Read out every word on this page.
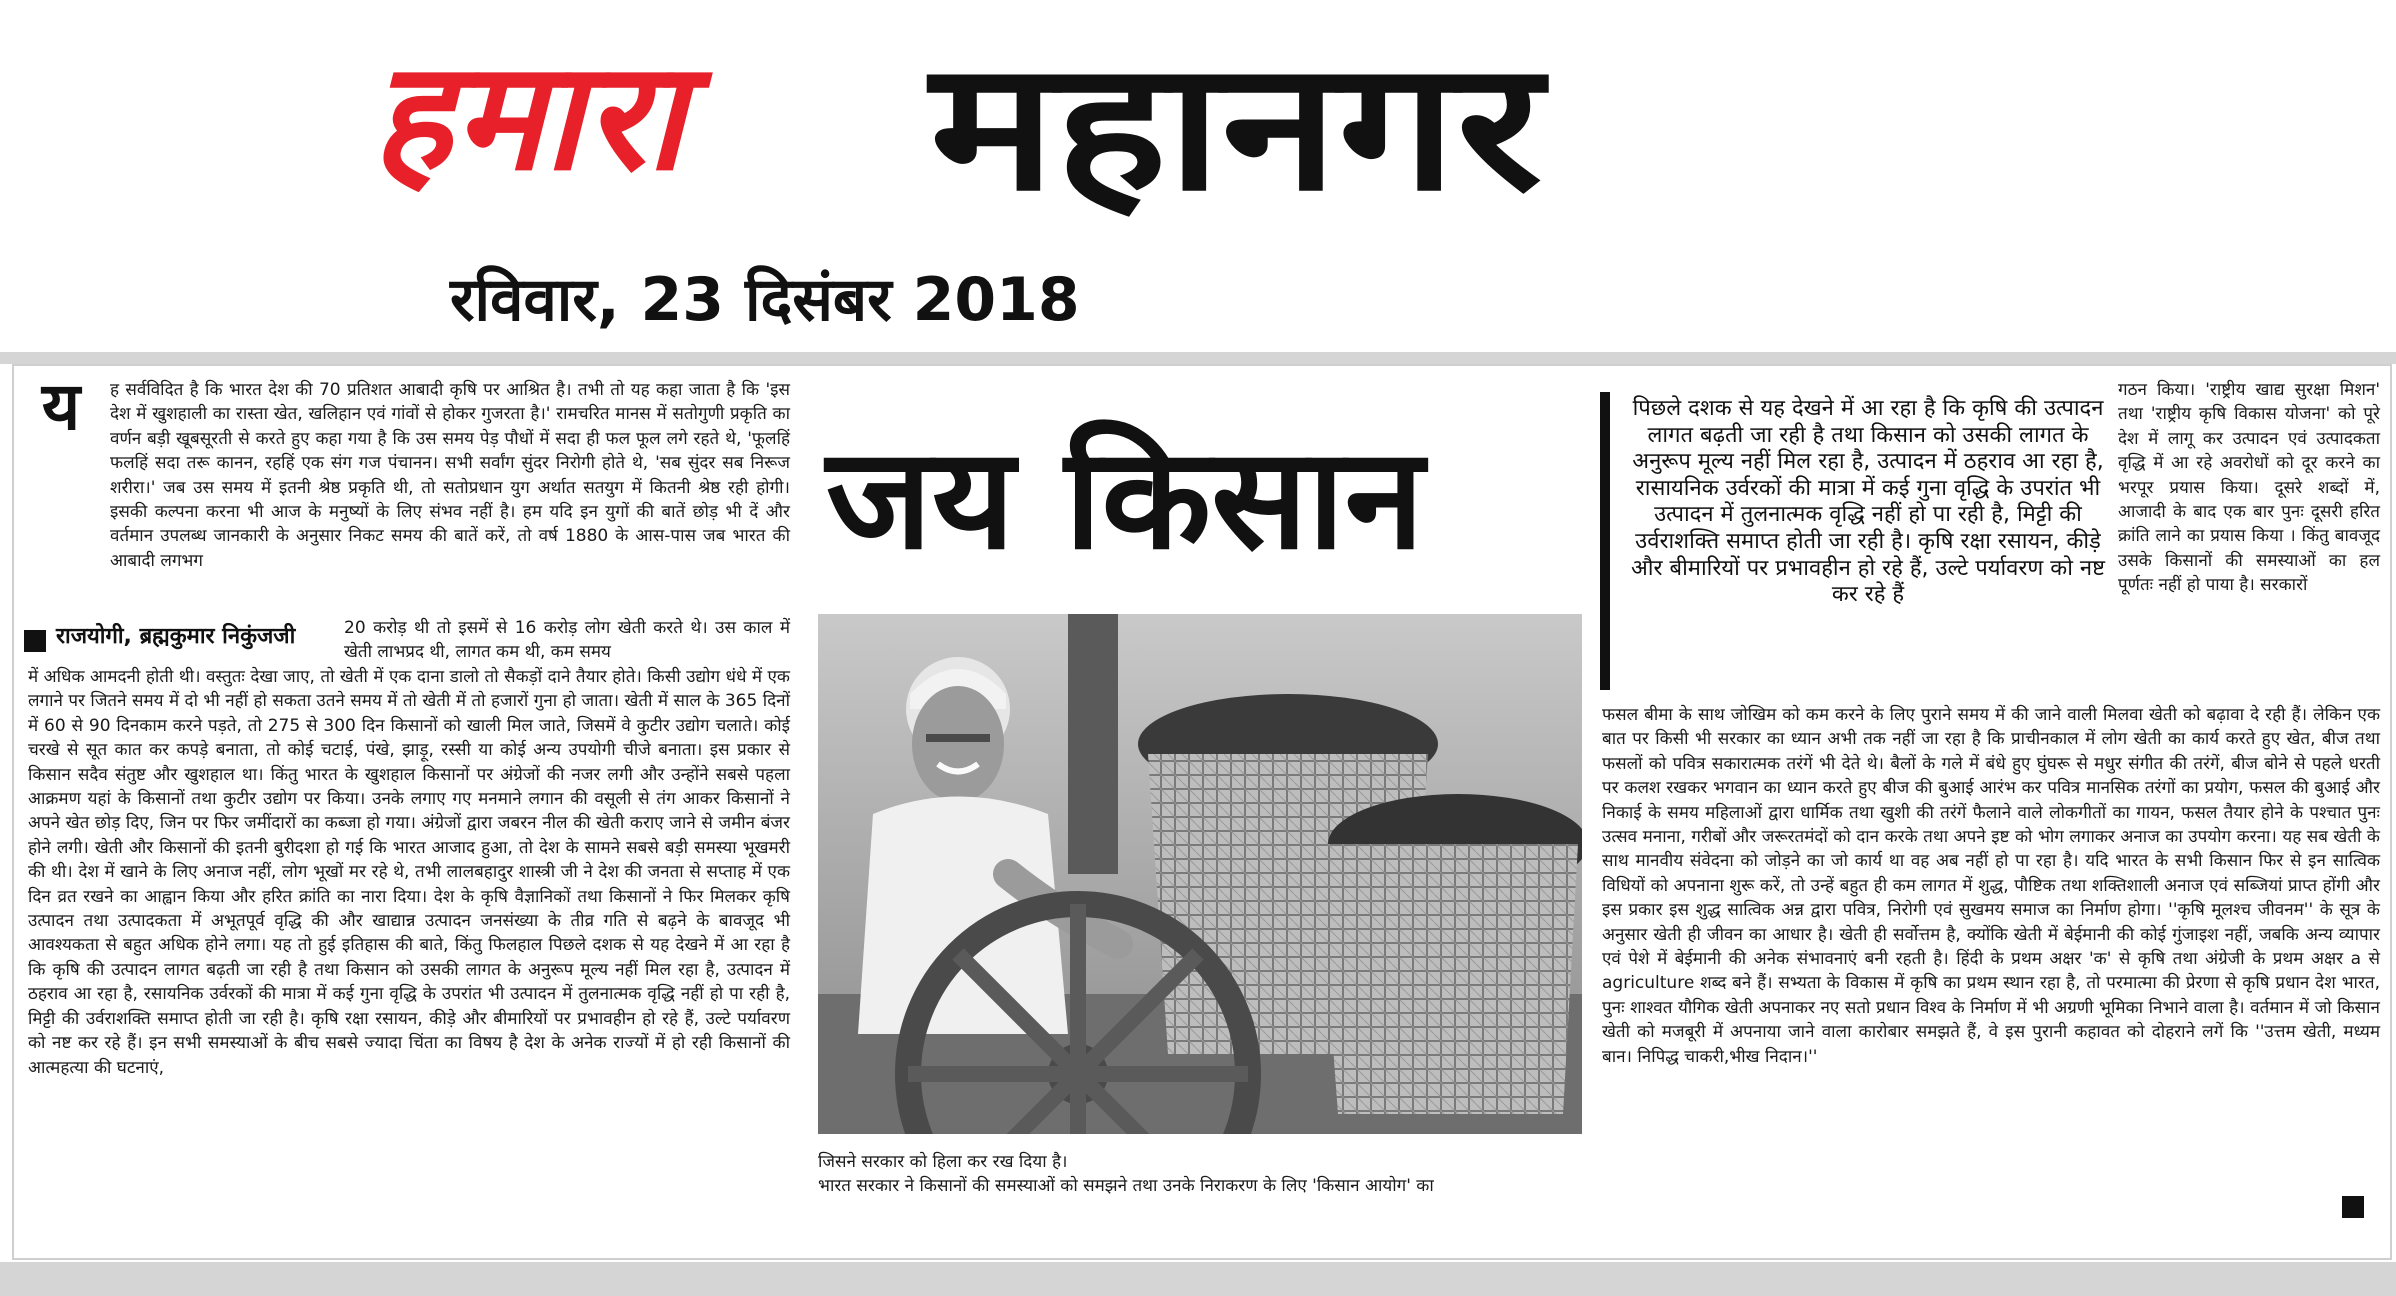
हमारा महानगर
रविवार, 23 दिसंबर 2018
य	ह सर्वविदित है कि भारत देश की 70 प्रतिशत आबादी कृषि पर आश्रित है। तभी तो यह कहा जाता है कि 'इस देश में खुशहाली का रास्ता खेत, खलिहान एवं गांवों से होकर गुजरता है।' रामचरित मानस में सतोगुणी प्रकृति का वर्णन बड़ी खूबसूरती से करते हुए कहा गया है कि उस समय पेड़ पौधों में सदा ही फल फूल लगे रहते थे, 'फूलहिं फलहिं सदा तरू कानन, रहहिं एक संग गज पंचानन। सभी सर्वांग सुंदर निरोगी होते थे, 'सब सुंदर सब निरूज शरीरा।' जब उस समय में इतनी श्रेष्ठ प्रकृति थी, तो सतोप्रधान युग अर्थात सतयुग में कितनी श्रेष्ठ रही होगी। इसकी कल्पना करना भी आज के मनुष्यों के लिए संभव नहीं है। हम यदि इन युगों की बातें छोड़ भी दें और वर्तमान उपलब्ध जानकारी के अनुसार निकट समय की बातें करें, तो वर्ष 1880 के आस-पास जब भारत की आबादी लगभग
राजयोगी, ब्रह्मकुमार निकुंजजी	20 करोड़ थी तो इसमें से 16 करोड़ लोग खेती करते थे। उस काल में खेती लाभप्रद थी, लागत कम थी, कम समय
में अधिक आमदनी होती थी। वस्तुतः देखा जाए, तो खेती में एक दाना डालो तो सैकड़ों दाने तैयार होते। किसी उद्योग धंधे में एक लगाने पर जितने समय में दो भी नहीं हो सकता उतने समय में तो खेती में तो हजारों गुना हो जाता। खेती में साल के 365 दिनों में 60 से 90 दिनकाम करने पड़ते, तो 275 से 300 दिन किसानों को खाली मिल जाते, जिसमें वे कुटीर उद्योग चलाते। कोई चरखे से सूत कात कर कपड़े बनाता, तो कोई चटाई, पंखे, झाड़ू, रस्सी या कोई अन्य उपयोगी चीजे बनाता। इस प्रकार से किसान सदैव संतुष्ट और खुशहाल था। किंतु भारत के खुशहाल किसानों पर अंग्रेजों की नजर लगी और उन्होंने सबसे पहला आक्रमण यहां के किसानों तथा कुटीर उद्योग पर किया। उनके लगाए गए मनमाने लगान की वसूली से तंग आकर किसानों ने अपने खेत छोड़ दिए, जिन पर फिर जमींदारों का कब्जा हो गया। अंग्रेजों द्वारा जबरन नील की खेती कराए जाने से जमीन बंजर होने लगी। खेती और किसानों की इतनी बुरीदशा हो गई कि भारत आजाद हुआ, तो देश के सामने सबसे बड़ी समस्या भूखमरी की थी। देश में खाने के लिए अनाज नहीं, लोग भूखों मर रहे थे, तभी लालबहादुर शास्त्री जी ने देश की जनता से सप्ताह में एक दिन व्रत रखने का आह्वान किया और हरित क्रांति का नारा दिया। देश के कृषि वैज्ञानिकों तथा किसानों ने फिर मिलकर कृषि उत्पादन तथा उत्पादकता में अभूतपूर्व वृद्धि की और खाद्यान्न उत्पादन जनसंख्या के तीव्र गति से बढ़ने के बावजूद भी आवश्यकता से बहुत अधिक होने लगा। यह तो हुई इतिहास की बाते, किंतु फिलहाल पिछले दशक से यह देखने में आ रहा है कि कृषि की उत्पादन लागत बढ़ती जा रही है तथा किसान को उसकी लागत के अनुरूप मूल्य नहीं मिल रहा है, उत्पादन में ठहराव आ रहा है, रसायनिक उर्वरकों की मात्रा में कई गुना वृद्धि के उपरांत भी उत्पादन में तुलनात्मक वृद्धि नहीं हो पा रही है, मिट्टी की उर्वराशक्ति समाप्त होती जा रही है। कृषि रक्षा रसायन, कीड़े और बीमारियों पर प्रभावहीन हो रहे हैं, उल्टे पर्यावरण को नष्ट कर रहे हैं। इन सभी समस्याओं के बीच सबसे ज्यादा चिंता का विषय है देश के अनेक राज्यों में हो रही किसानों की आत्महत्या की घटनाएं,
जय किसान
जिसने सरकार को हिला कर रख दिया है।
भारत सरकार ने किसानों की समस्याओं को समझने तथा उनके निराकरण के लिए 'किसान आयोग' का
पिछले दशक से यह देखने में आ रहा है कि कृषि की उत्पादन लागत बढ़ती जा रही है तथा किसान को उसकी लागत के अनुरूप मूल्य नहीं मिल रहा है, उत्पादन में ठहराव आ रहा है, रासायनिक उर्वरकों की मात्रा में कई गुना वृद्धि के उपरांत भी उत्पादन में तुलनात्मक वृद्धि नहीं हो पा रही है, मिट्टी की उर्वराशक्ति समाप्त होती जा रही है। कृषि रक्षा रसायन, कीड़े और बीमारियों पर प्रभावहीन हो रहे हैं, उल्टे पर्यावरण को नष्ट कर रहे हैं
गठन किया। 'राष्ट्रीय खाद्य सुरक्षा मिशन' तथा 'राष्ट्रीय कृषि विकास योजना' को पूरे देश में लागू कर उत्पादन एवं उत्पादकता वृद्धि में आ रहे अवरोधों को दूर करने का भरपूर प्रयास किया। दूसरे शब्दों में, आजादी के बाद एक बार पुनः दूसरी हरित क्रांति लाने का प्रयास किया । किंतु बावजूद उसके किसानों की समस्याओं का हल पूर्णतः नहीं हो पाया है। सरकारों
फसल बीमा के साथ जोखिम को कम करने के लिए पुराने समय में की जाने वाली मिलवा खेती को बढ़ावा दे रही हैं। लेकिन एक बात पर किसी भी सरकार का ध्यान अभी तक नहीं जा रहा है कि प्राचीनकाल में लोग खेती का कार्य करते हुए खेत, बीज तथा फसलों को पवित्र सकारात्मक तरंगें भी देते थे। बैलों के गले में बंधे हुए घुंघरू से मधुर संगीत की तरंगें, बीज बोने से पहले धरती पर कलश रखकर भगवान का ध्यान करते हुए बीज की बुआई आरंभ कर पवित्र मानसिक तरंगों का प्रयोग, फसल की बुआई और निकाई के समय महिलाओं द्वारा धार्मिक तथा खुशी की तरंगें फैलाने वाले लोकगीतों का गायन, फसल तैयार होने के पश्चात पुनः उत्सव मनाना, गरीबों और जरूरतमंदों को दान करके तथा अपने इष्ट को भोग लगाकर अनाज का उपयोग करना। यह सब खेती के साथ मानवीय संवेदना को जोड़ने का जो कार्य था वह अब नहीं हो पा रहा है। यदि भारत के सभी किसान फिर से इन सात्विक विधियों को अपनाना शुरू करें, तो उन्हें बहुत ही कम लागत में शुद्ध, पौष्टिक तथा शक्तिशाली अनाज एवं सब्जियां प्राप्त होंगी और इस प्रकार इस शुद्ध सात्विक अन्न द्वारा पवित्र, निरोगी एवं सुखमय समाज का निर्माण होगा। ''कृषि मूलश्च जीवनम'' के सूत्र के अनुसार खेती ही जीवन का आधार है। खेती ही सर्वोत्तम है, क्योंकि खेती में बेईमानी की कोई गुंजाइश नहीं, जबकि अन्य व्यापार एवं पेशे में बेईमानी की अनेक संभावनाएं बनी रहती है। हिंदी के प्रथम अक्षर 'क' से कृषि तथा अंग्रेजी के प्रथम अक्षर a से agriculture शब्द बने हैं। सभ्यता के विकास में कृषि का प्रथम स्थान रहा है, तो परमात्मा की प्रेरणा से कृषि प्रधान देश भारत, पुनः शाश्वत यौगिक खेती अपनाकर नए सतो प्रधान विश्व के निर्माण में भी अग्रणी भूमिका निभाने वाला है। वर्तमान में जो किसान खेती को मजबूरी में अपनाया जाने वाला कारोबार समझते हैं, वे इस पुरानी कहावत को दोहराने लगें कि ''उत्तम खेती, मध्यम बान। निपिद्ध चाकरी,भीख निदान।''
